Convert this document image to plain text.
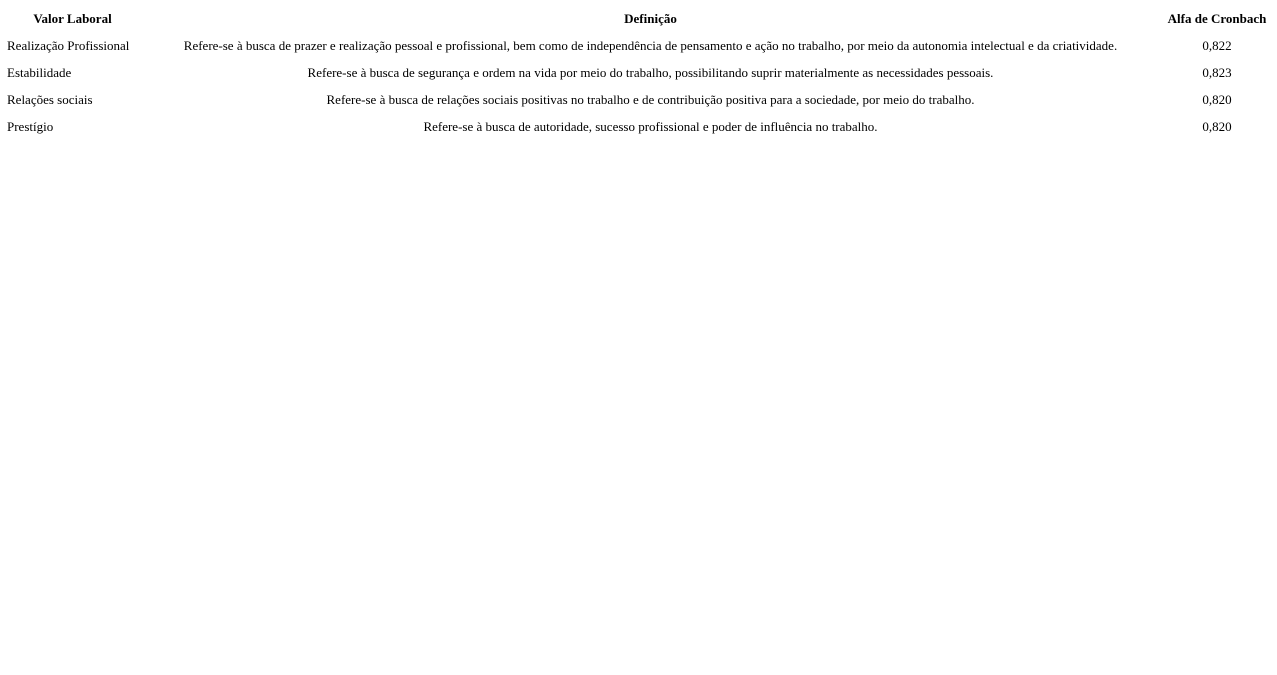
Valor Laboral	Definição	Alfa de Cronbach
Realização Profissional	Refere-se à busca de prazer e realização pessoal e profissional, bem como de independência de pensamento e ação no trabalho, por meio da autonomia intelectual e da criatividade.	0,822
Estabilidade	Refere-se à busca de segurança e ordem na vida por meio do trabalho, possibilitando suprir materialmente as necessidades pessoais.	0,823
Relações sociais	Refere-se à busca de relações sociais positivas no trabalho e de contribuição positiva para a sociedade, por meio do trabalho.	0,820
Prestígio	Refere-se à busca de autoridade, sucesso profissional e poder de influência no trabalho.	0,820
